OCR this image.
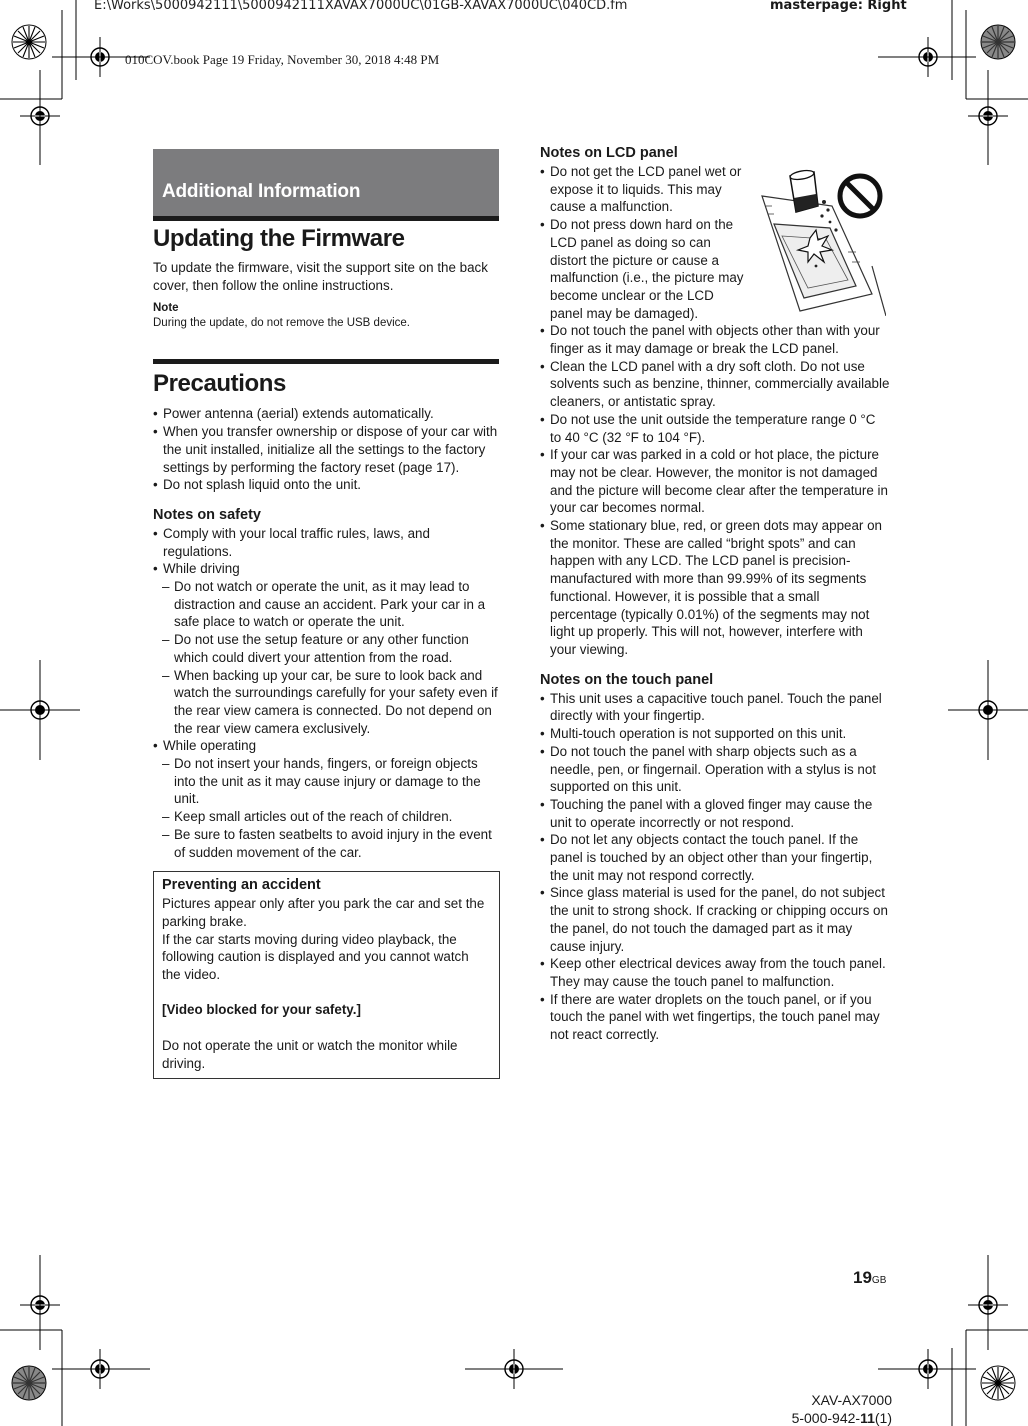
E:\Works\5000942111\5000942111XAVAX7000UC\01GB-XAVAX7000UC\040CD.fm	masterpage: Right
010COV.book Page 19 Friday, November 30, 2018 4:48 PM
Additional Information
Updating the Firmware

To update the firmware, visit the support site on the back cover, then follow the online instructions.

Note
During the update, do not remove the USB device.
Precautions
• Power antenna (aerial) extends automatically.
• When you transfer ownership or dispose of your car with the unit installed, initialize all the settings to the factory settings by performing the factory reset (page 17).
• Do not splash liquid onto the unit.
Notes on safety
• Comply with your local traffic rules, laws, and regulations.
• While driving
– Do not watch or operate the unit, as it may lead to distraction and cause an accident. Park your car in a safe place to watch or operate the unit.
– Do not use the setup feature or any other function which could divert your attention from the road.
– When backing up your car, be sure to look back and watch the surroundings carefully for your safety even if the rear view camera is connected. Do not depend on the rear view camera exclusively.
• While operating
– Do not insert your hands, fingers, or foreign objects into the unit as it may cause injury or damage to the unit.
– Keep small articles out of the reach of children.
– Be sure to fasten seatbelts to avoid injury in the event of sudden movement of the car.
Preventing an accident

Pictures appear only after you park the car and set the parking brake.

If the car starts moving during video playback, the following caution is displayed and you cannot watch the video.

[Video blocked for your safety.]

Do not operate the unit or watch the monitor while driving.

Notes on LCD panel
• Do not get the LCD panel wet or expose it to liquids. This may cause a malfunction.
• Do not press down hard on the LCD panel as doing so can distort the picture or cause a malfunction (i.e., the picture may become unclear or the LCD panel may be damaged).
• Do not touch the panel with objects other than with your finger as it may damage or break the LCD panel.
• Clean the LCD panel with a dry soft cloth. Do not use solvents such as benzine, thinner, commercially available cleaners, or antistatic spray.
• Do not use the unit outside the temperature range 0 °C to 40 °C (32 °F to 104 °F).
• If your car was parked in a cold or hot place, the picture may not be clear. However, the monitor is not damaged and the picture will become clear after the temperature in your car becomes normal.
• Some stationary blue, red, or green dots may appear on the monitor. These are called “bright spots” and can happen with any LCD. The LCD panel is precision-manufactured with more than 99.99% of its segments functional. However, it is possible that a small percentage (typically 0.01%) of the segments may not light up properly. This will not, however, interfere with your viewing.
Notes on the touch panel
• This unit uses a capacitive touch panel. Touch the panel directly with your fingertip.
• Multi-touch operation is not supported on this unit.
• Do not touch the panel with sharp objects such as a needle, pen, or fingernail. Operation with a stylus is not supported on this unit.
• Touching the panel with a gloved finger may cause the unit to operate incorrectly or not respond.
• Do not let any objects contact the touch panel. If the panel is touched by an object other than your fingertip, the unit may not respond correctly.
• Since glass material is used for the panel, do not subject the unit to strong shock. If cracking or chipping occurs on the panel, do not touch the damaged part as it may cause injury.
• Keep other electrical devices away from the touch panel. They may cause the touch panel to malfunction.
• If there are water droplets on the touch panel, or if you touch the panel with wet fingertips, the touch panel may not react correctly.
19GB
XAV-AX7000
5-000-942-11(1)
